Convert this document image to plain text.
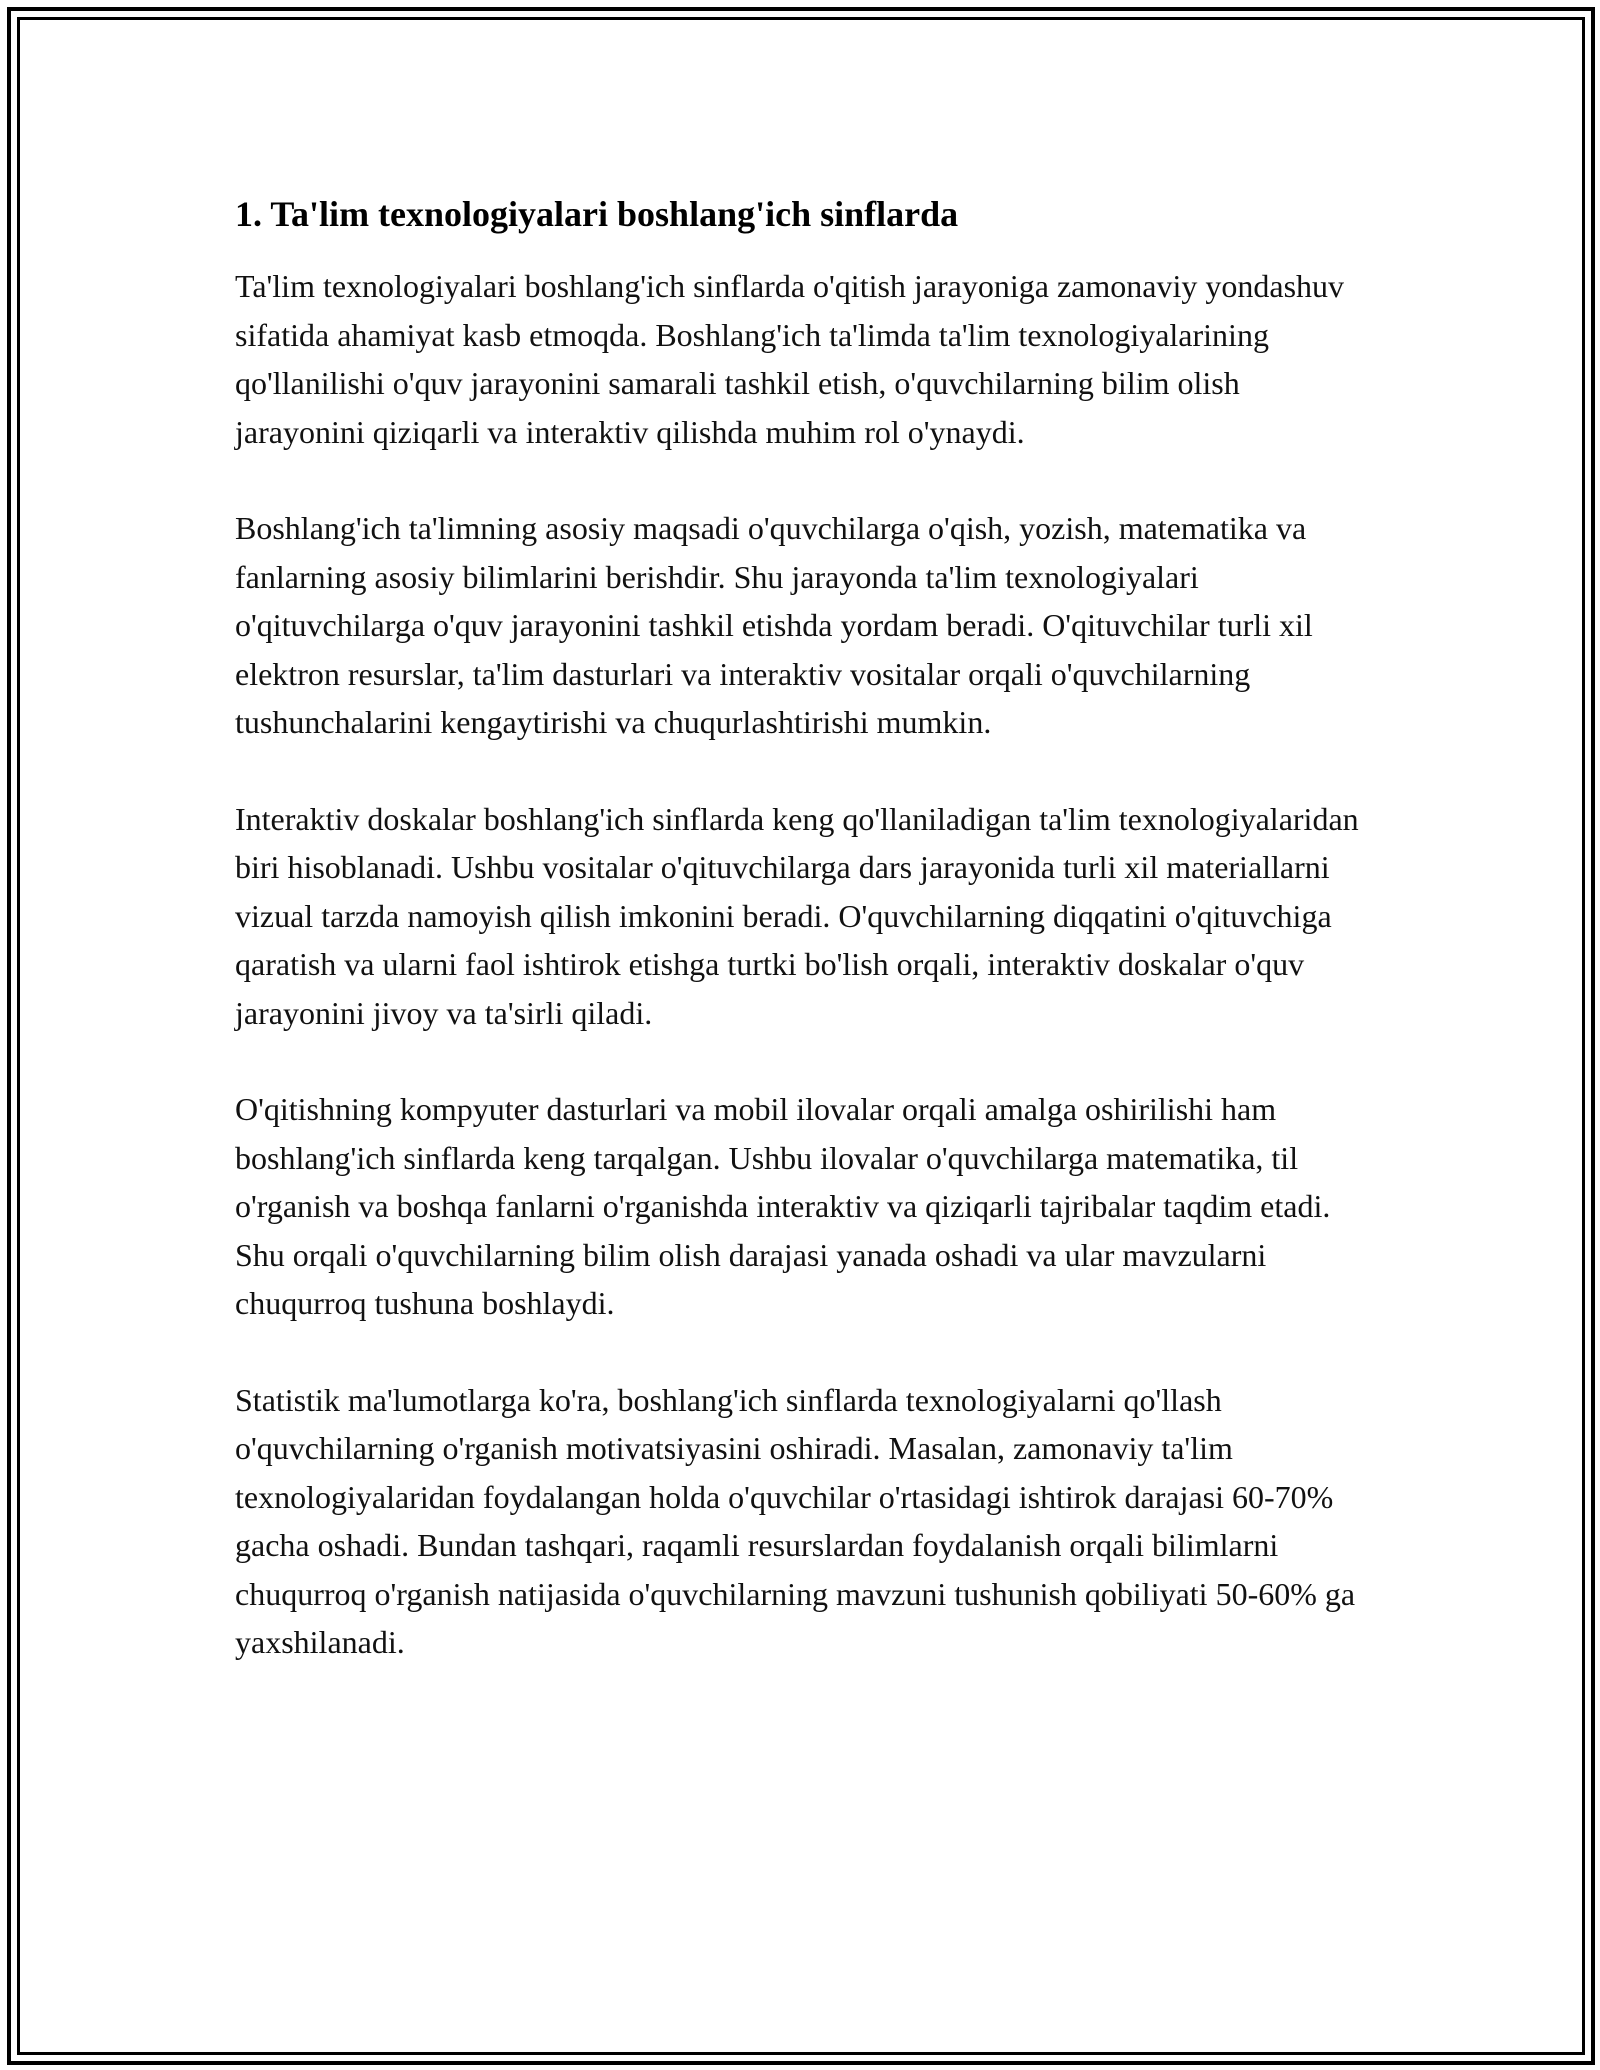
1. Ta'lim texnologiyalari boshlang'ich sinflarda

Ta'lim texnologiyalari boshlang'ich sinflarda o'qitish jarayoniga zamonaviy yondashuv sifatida ahamiyat kasb etmoqda. Boshlang'ich ta'limda ta'lim texnologiyalarining qo'llanilishi o'quv jarayonini samarali tashkil etish, o'quvchilarning bilim olish jarayonini qiziqarli va interaktiv qilishda muhim rol o'ynaydi.

Boshlang'ich ta'limning asosiy maqsadi o'quvchilarga o'qish, yozish, matematika va fanlarning asosiy bilimlarini berishdir. Shu jarayonda ta'lim texnologiyalari o'qituvchilarga o'quv jarayonini tashkil etishda yordam beradi. O'qituvchilar turli xil elektron resurslar, ta'lim dasturlari va interaktiv vositalar orqali o'quvchilarning tushunchalarini kengaytirishi va chuqurlashtirishi mumkin.

Interaktiv doskalar boshlang'ich sinflarda keng qo'llaniladigan ta'lim texnologiyalaridan biri hisoblanadi. Ushbu vositalar o'qituvchilarga dars jarayonida turli xil materiallarni vizual tarzda namoyish qilish imkonini beradi. O'quvchilarning diqqatini o'qituvchiga qaratish va ularni faol ishtirok etishga turtki bo'lish orqali, interaktiv doskalar o'quv jarayonini jivoy va ta'sirli qiladi.

O'qitishning kompyuter dasturlari va mobil ilovalar orqali amalga oshirilishi ham boshlang'ich sinflarda keng tarqalgan. Ushbu ilovalar o'quvchilarga matematika, til o'rganish va boshqa fanlarni o'rganishda interaktiv va qiziqarli tajribalar taqdim etadi. Shu orqali o'quvchilarning bilim olish darajasi yanada oshadi va ular mavzularni chuqurroq tushuna boshlaydi.

Statistik ma'lumotlarga ko'ra, boshlang'ich sinflarda texnologiyalarni qo'llash o'quvchilarning o'rganish motivatsiyasini oshiradi. Masalan, zamonaviy ta'lim texnologiyalaridan foydalangan holda o'quvchilar o'rtasidagi ishtirok darajasi 60-70% gacha oshadi. Bundan tashqari, raqamli resurslardan foydalanish orqali bilimlarni chuqurroq o'rganish natijasida o'quvchilarning mavzuni tushunish qobiliyati 50-60% ga yaxshilanadi.
